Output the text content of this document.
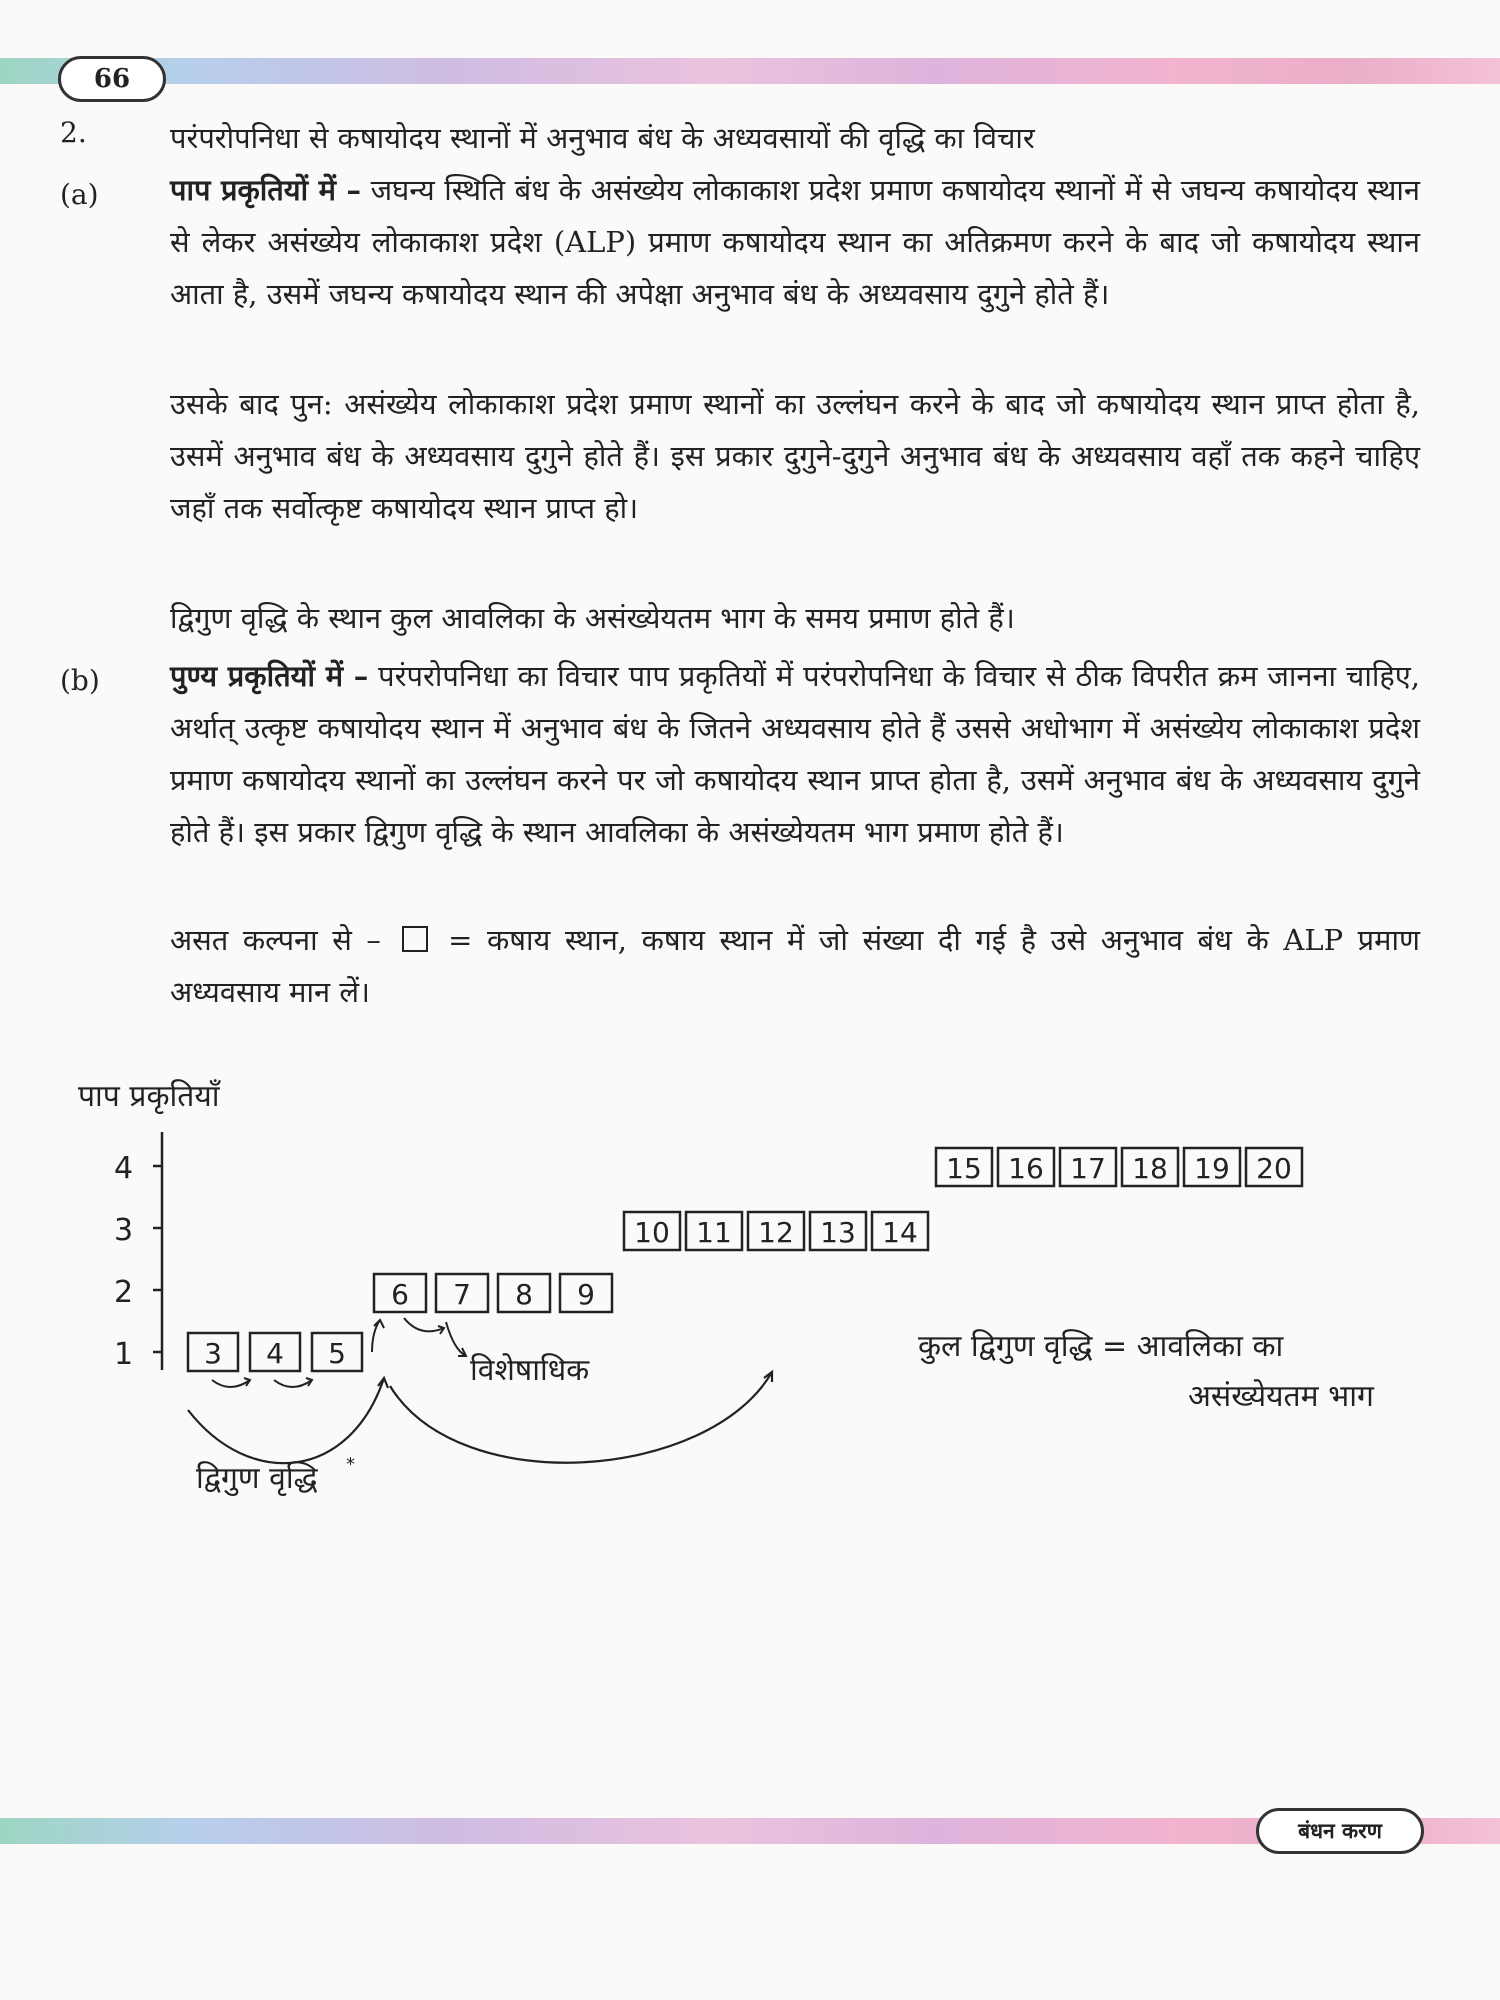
66
2.	परंपरोपनिधा से कषायोदय स्थानों में अनुभाव बंध के अध्यवसायों की वृद्धि का विचार
(a) पाप प्रकृतियों में – जघन्य स्थिति बंध के असंख्येय लोकाकाश प्रदेश प्रमाण कषायोदय स्थानों में से जघन्य कषायोदय स्थान से लेकर असंख्येय लोकाकाश प्रदेश (ALP) प्रमाण कषायोदय स्थान का अतिक्रमण करने के बाद जो कषायोदय स्थान आता है, उसमें जघन्य कषायोदय स्थान की अपेक्षा अनुभाव बंध के अध्यवसाय दुगुने होते हैं।

उसके बाद पुन: असंख्येय लोकाकाश प्रदेश प्रमाण स्थानों का उल्लंघन करने के बाद जो कषायोदय स्थान प्राप्त होता है, उसमें अनुभाव बंध के अध्यवसाय दुगुने होते हैं। इस प्रकार दुगुने-दुगुने अनुभाव बंध के अध्यवसाय वहाँ तक कहने चाहिए जहाँ तक सर्वोत्कृष्ट कषायोदय स्थान प्राप्त हो।

द्विगुण वृद्धि के स्थान कुल आवलिका के असंख्येयतम भाग के समय प्रमाण होते हैं।

(b) पुण्य प्रकृतियों में – परंपरोपनिधा का विचार पाप प्रकृतियों में परंपरोपनिधा के विचार से ठीक विपरीत क्रम जानना चाहिए, अर्थात् उत्कृष्ट कषायोदय स्थान में अनुभाव बंध के जितने अध्यवसाय होते हैं उससे अधोभाग में असंख्येय लोकाकाश प्रदेश प्रमाण कषायोदय स्थानों का उल्लंघन करने पर जो कषायोदय स्थान प्राप्त होता है, उसमें अनुभाव बंध के अध्यवसाय दुगुने होते हैं। इस प्रकार द्विगुण वृद्धि के स्थान आवलिका के असंख्येयतम भाग प्रमाण होते हैं।

असत कल्पना से – = कषाय स्थान, कषाय स्थान में जो संख्या दी गई है उसे अनुभाव बंध के ALP प्रमाण अध्यवसाय मान लें।

पाप प्रकृतियाँ
4
3
2
1	3 4 5
6 7 8 9
10 11 12 13 14
15 16 17 18 19 20
विशेषाधिक
द्विगुण वृद्धि *
कुल द्विगुण वृद्धि = आवलिका का
असंख्येयतम भाग
बंधन करण
